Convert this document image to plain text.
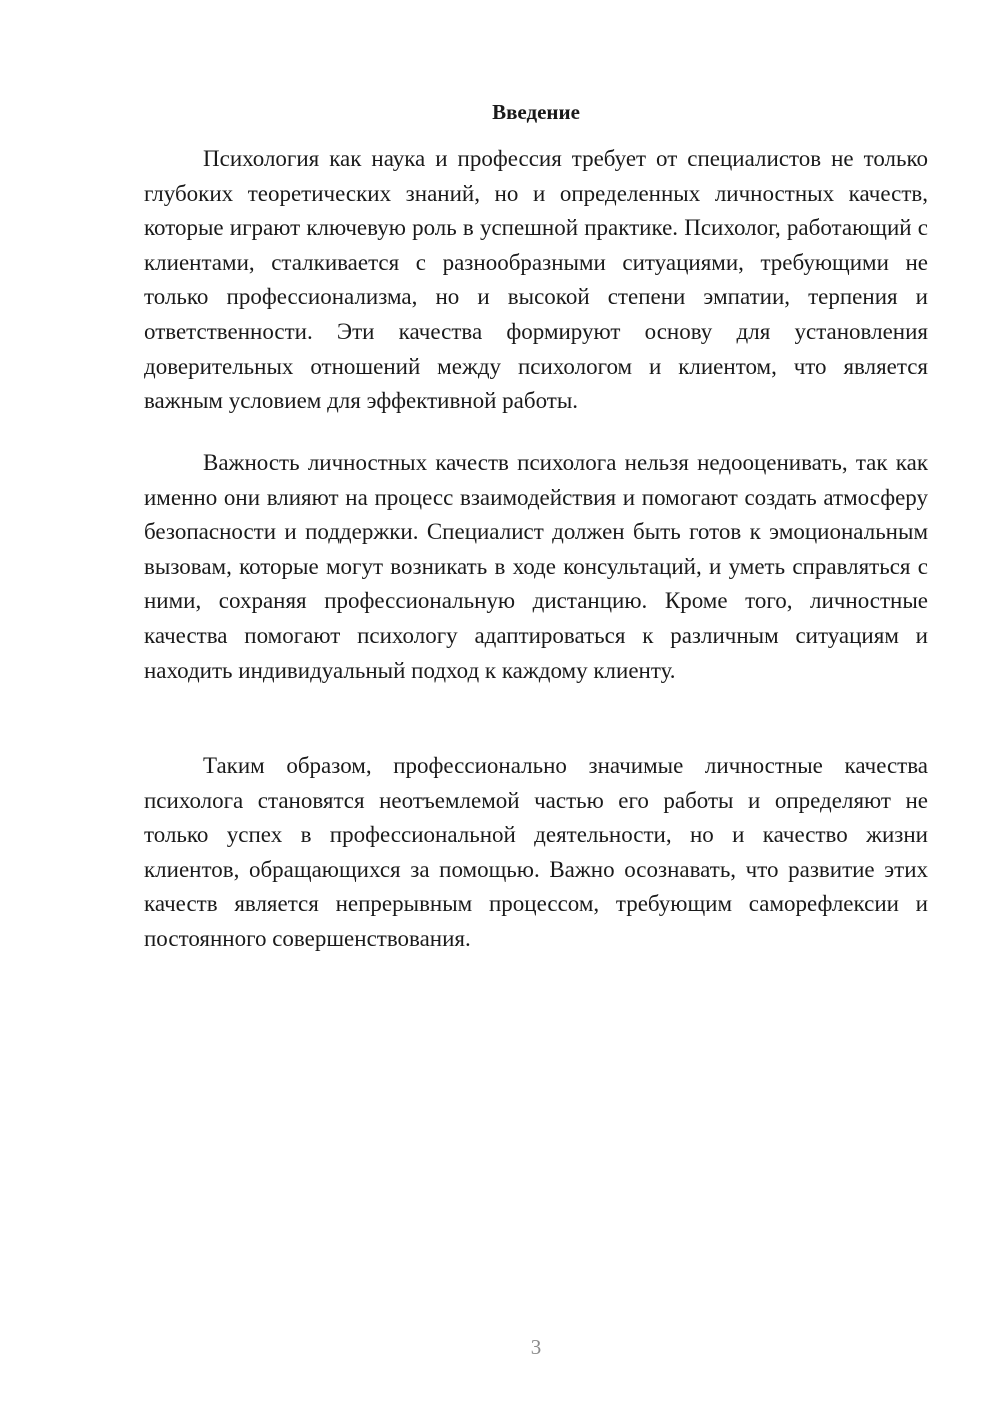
Введение

Психология как наука и профессия требует от специалистов не только глубоких теоретических знаний, но и определенных личностных качеств, которые играют ключевую роль в успешной практике. Психолог, работающий с клиентами, сталкивается с разнообразными ситуациями, требующими не только профессионализма, но и высокой степени эмпатии, терпения и ответственности. Эти качества формируют основу для установления доверительных отношений между психологом и клиентом, что является важным условием для эффективной работы.

Важность личностных качеств психолога нельзя недооценивать, так как именно они влияют на процесс взаимодействия и помогают создать атмосферу безопасности и поддержки. Специалист должен быть готов к эмоциональным вызовам, которые могут возникать в ходе консультаций, и уметь справляться с ними, сохраняя профессиональную дистанцию. Кроме того, личностные качества помогают психологу адаптироваться к различным ситуациям и находить индивидуальный подход к каждому клиенту.

Таким образом, профессионально значимые личностные качества психолога становятся неотъемлемой частью его работы и определяют не только успех в профессиональной деятельности, но и качество жизни клиентов, обращающихся за помощью. Важно осознавать, что развитие этих качеств является непрерывным процессом, требующим саморефлексии и постоянного совершенствования.

3
